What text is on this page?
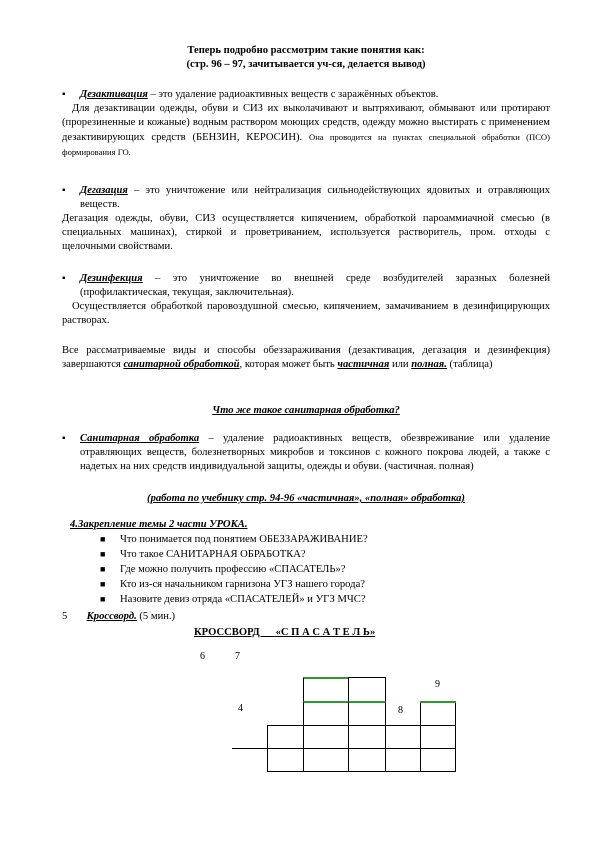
Теперь подробно рассмотрим такие понятия как:
(стр. 96 – 97, зачитывается уч-ся, делается вывод)
▪	Дезактивация – это удаление радиоактивных веществ с заражённых объектов.
Для дезактивации одежды, обуви и СИЗ их выколачивают и вытряхивают, обмывают или протирают (прорезиненные и кожаные) водным раствором моющих средств, одежду можно выстирать с применением дезактивирующих средств (БЕНЗИН, КЕРОСИН). Она проводится на пунктах специальной обработки (ПСО) формирования ГО.
▪	Дегазация – это уничтожение или нейтрализация сильнодействующих ядовитых и отравляющих веществ.
Дегазация одежды, обуви, СИЗ осуществляется кипячением, обработкой пароаммиачной смесью (в специальных машинах), стиркой и проветриванием, используется растворитель, пром. отходы с щелочными свойствами.
▪	Дезинфекция – это уничтожение во внешней среде возбудителей заразных болезней (профилактическая, текущая, заключительная).
Осуществляется обработкой паровоздушной смесью, кипячением, замачиванием в дезинфицирующих растворах.
Все рассматриваемые виды и способы обеззараживания (дезактивация, дегазация и дезинфекция) завершаются санитарной обработкой, которая может быть частичная или полная. (таблица)
Что же такое санитарная обработка?
▪	Санитарная обработка – удаление радиоактивных веществ, обезвреживание или удаление отравляющих веществ, болезнетворных микробов и токсинов с кожного покрова людей, а также с надетых на них средств индивидуальной защиты, одежды и обуви. (частичная. полная)
(работа по учебнику стр. 94-96 «частичная», «полная» обработка)
4.Закрепление темы 2 части УРОКА.
■ Что понимается под понятием ОБЕЗЗАРАЖИВАНИЕ?
■ Что такое САНИТАРНАЯ ОБРАБОТКА?
■ Где можно получить профессию «СПАСАТЕЛЬ»?
■ Кто из-ся начальником гарнизона УГЗ нашего города?
■ Назовите девиз отряда «СПАСАТЕЛЕЙ» и УГЗ МЧС?
5 Кроссворд. (5 мин.)
КРОССВОРД      «С П А С А Т Е Л Ь»
6	7
9
4	8
